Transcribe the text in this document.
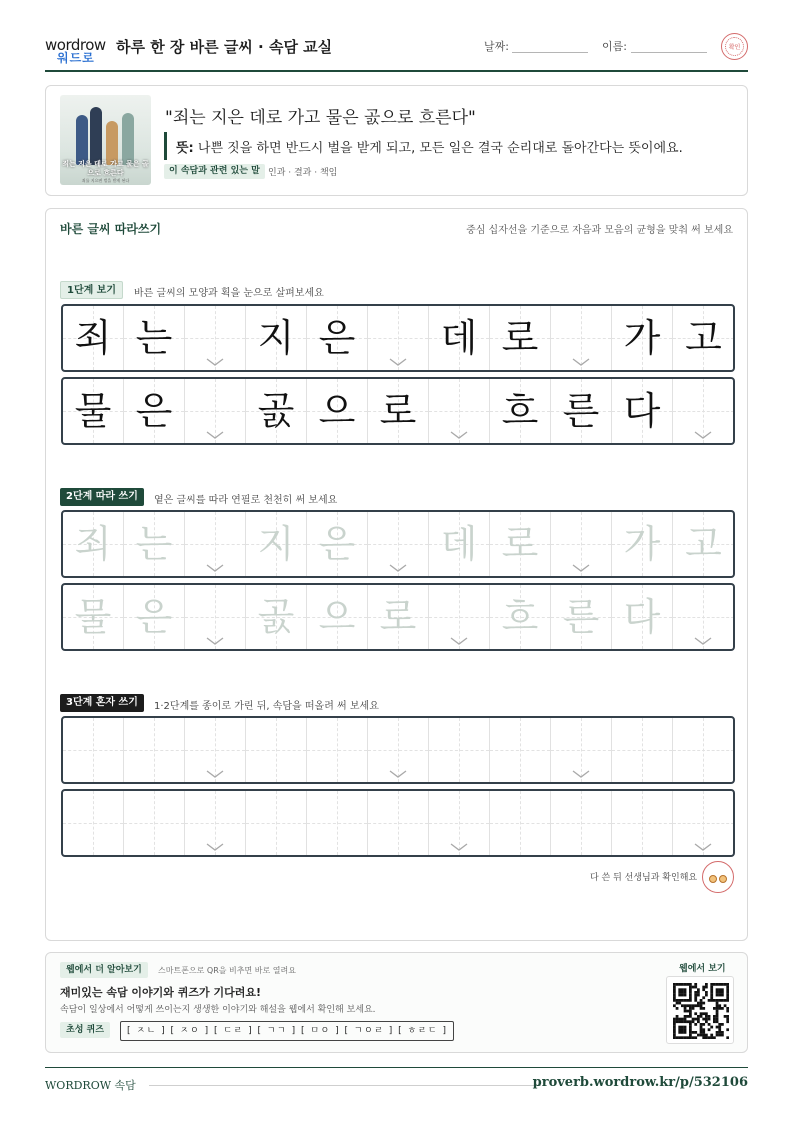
wordrow
워드로
하루 한 장 바른 글씨 · 속담 교실	날짜:	이름:	확인
죄는 지은 데로 가고 물은 골으로 흐른다
죄를 지으면 벌을 받게 된다
"죄는 지은 데로 가고 물은 곬으로 흐른다"
뜻: 나쁜 짓을 하면 반드시 벌을 받게 되고, 모든 일은 결국 순리대로 돌아간다는 뜻이에요.
이 속담과 관련 있는 말 인과 · 결과 · 책임
바른 글씨 따라쓰기	중심 십자선을 기준으로 자음과 모음의 균형을 맞춰 써 보세요
1단계 보기	바른 글씨의 모양과 획을 눈으로 살펴보세요
죄 는	지 은	데 로	가 고
물 은	곬 으 로	흐 른 다
2단계 따라 쓰기	옅은 글씨를 따라 연필로 천천히 써 보세요
죄 는	지 은	데 로	가 고
물 은	곬 으 로	흐 른 다
3단계 혼자 쓰기	1·2단계를 종이로 가린 뒤, 속담을 떠올려 써 보세요
다 쓴 뒤 선생님과 확인해요
웹에서 더 알아보기	스마트폰으로 QR을 비추면 바로 열려요
재미있는 속담 이야기와 퀴즈가 기다려요!
속담이 일상에서 어떻게 쓰이는지 생생한 이야기와 해설을 웹에서 확인해 보세요.
초성 퀴즈	[ ㅈㄴ ] [ ㅈㅇ ] [ ㄷㄹ ] [ ㄱㄱ ] [ ㅁㅇ ] [ ㄱㅇㄹ ] [ ㅎㄹㄷ ]
웹에서 보기
WORDROW 속담	proverb.wordrow.kr/p/532106
